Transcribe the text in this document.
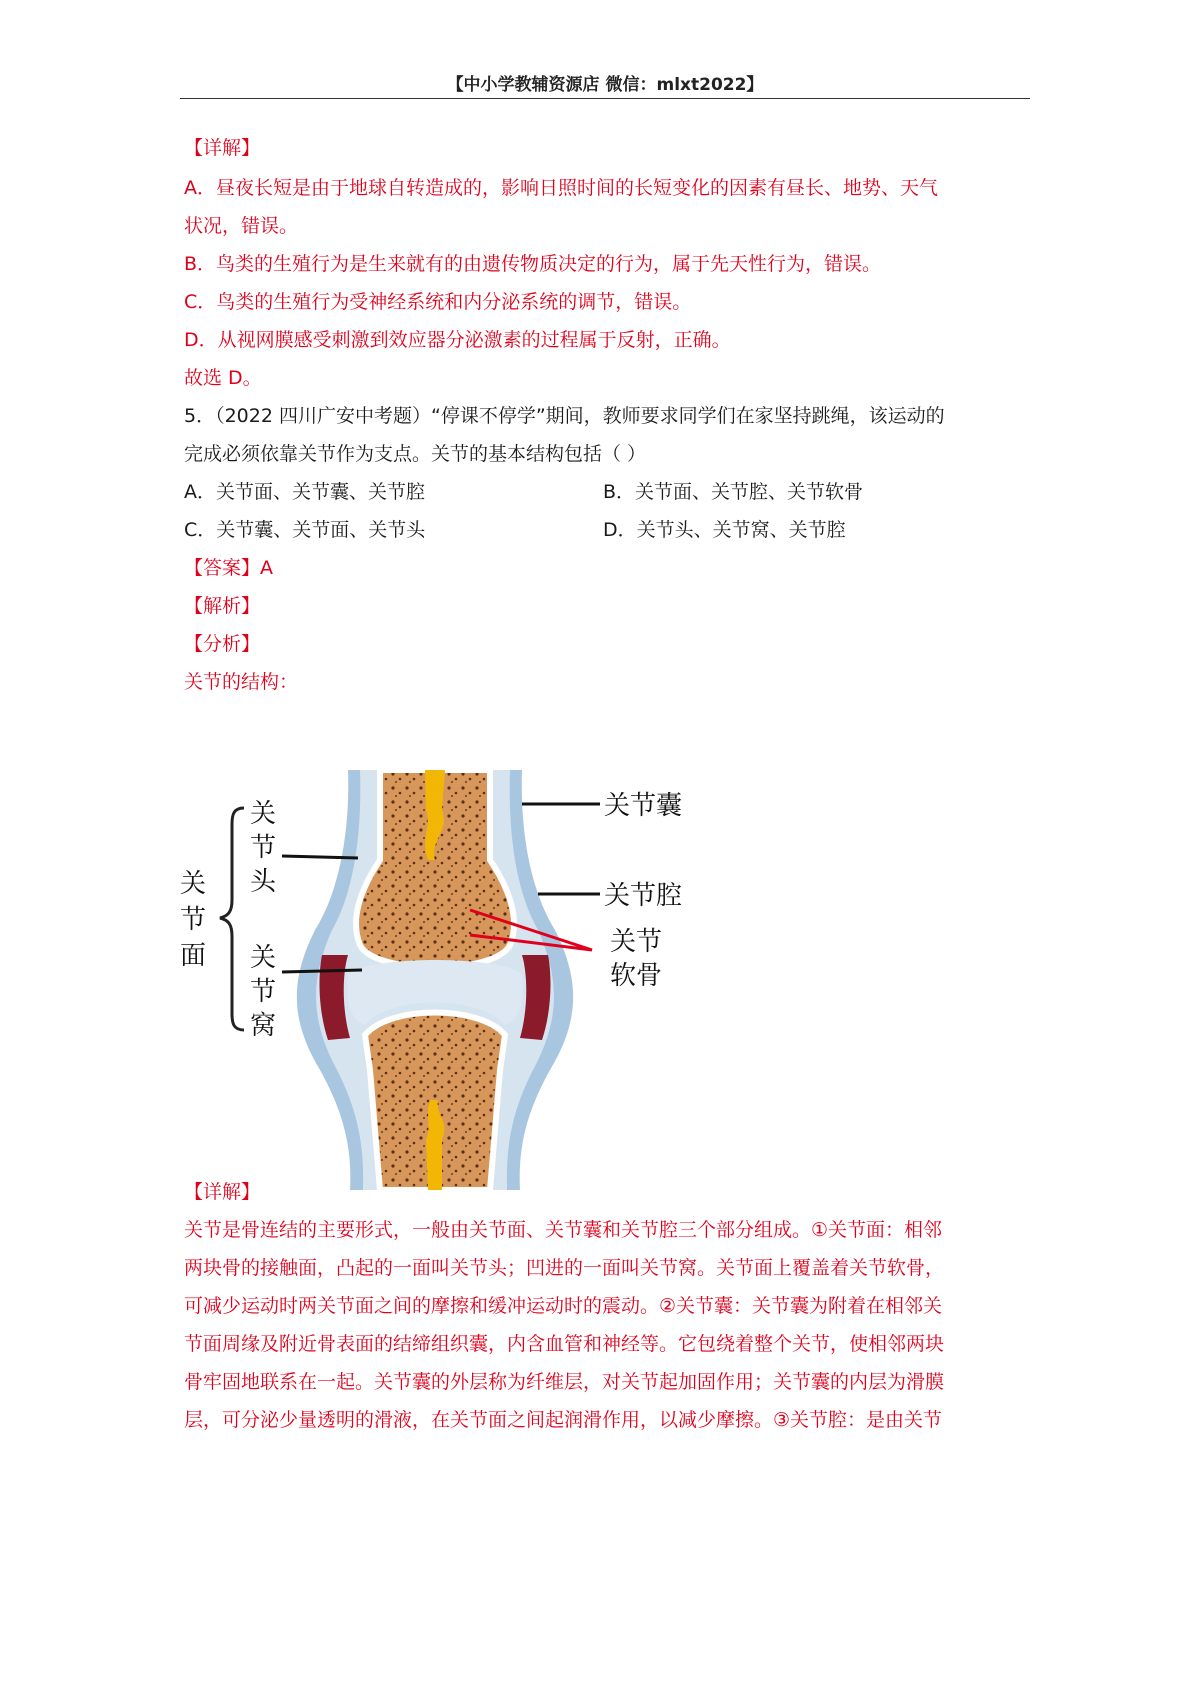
【中小学教辅资源店 微信：mlxt2022】
【详解】
A．昼夜长短是由于地球自转造成的，影响日照时间的长短变化的因素有昼长、地势、天气
状况，错误。
B．鸟类的生殖行为是生来就有的由遗传物质决定的行为，属于先天性行为，错误。
C．鸟类的生殖行为受神经系统和内分泌系统的调节，错误。
D．从视网膜感受刺激到效应器分泌激素的过程属于反射，正确。
故选 D。
5．（2022 四川广安中考题）“停课不停学”期间，教师要求同学们在家坚持跳绳，该运动的
完成必须依靠关节作为支点。关节的基本结构包括（ ）
A．关节面、关节囊、关节腔	B．关节面、关节腔、关节软骨
C．关节囊、关节面、关节头	D．关节头、关节窝、关节腔
【答案】A
【解析】
【分析】
关节的结构：
关
节
面
关
节
头
关
节
窝
关节囊
关节腔
关节
软骨
【详解】
关节是骨连结的主要形式，一般由关节面、关节囊和关节腔三个部分组成。①关节面：相邻
两块骨的接触面，凸起的一面叫关节头；凹进的一面叫关节窝。关节面上覆盖着关节软骨，
可减少运动时两关节面之间的摩擦和缓冲运动时的震动。②关节囊：关节囊为附着在相邻关
节面周缘及附近骨表面的结缔组织囊，内含血管和神经等。它包绕着整个关节，使相邻两块
骨牢固地联系在一起。关节囊的外层称为纤维层，对关节起加固作用；关节囊的内层为滑膜
层，可分泌少量透明的滑液，在关节面之间起润滑作用，以减少摩擦。③关节腔：是由关节
